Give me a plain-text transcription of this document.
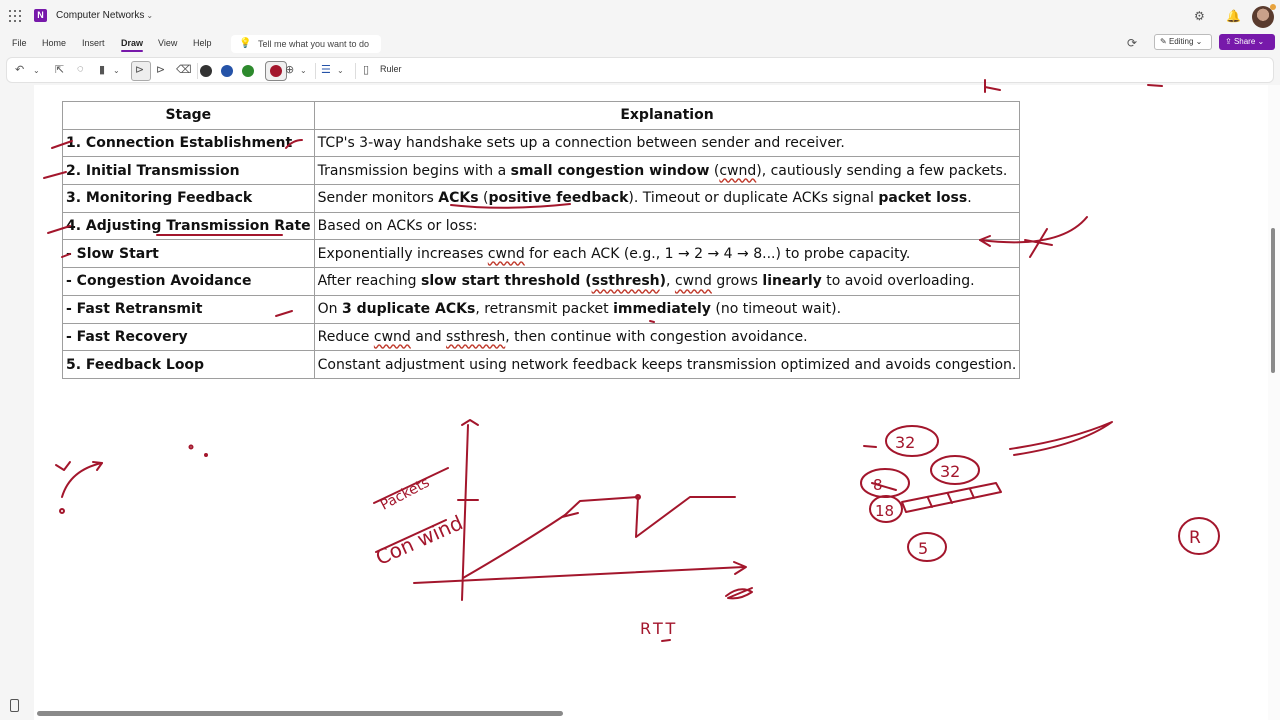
N	Computer Networks ⌄	⚙ 🔔
File Home Insert Draw View Help	💡 Tell me what you want to do	⟳	✎ Editing ⌄	⇪ Share ⌄
↶ ⌄ ⇱ ◌ ▮ ⌄ ⊳ ⊳ ⌫	⊕ ⌄ ☰ ⌄ ▯ Ruler
Stage	Explanation
1. Connection Establishment	TCP's 3-way handshake sets up a connection between sender and receiver.
2. Initial Transmission	Transmission begins with a small congestion window (cwnd), cautiously sending a few packets.
3. Monitoring Feedback	Sender monitors ACKs (positive feedback). Timeout or duplicate ACKs signal packet loss.
4. Adjusting Transmission Rate	Based on ACKs or loss:
- Slow Start	Exponentially increases cwnd for each ACK (e.g., 1 → 2 → 4 → 8...) to probe capacity.
- Congestion Avoidance	After reaching slow start threshold (ssthresh), cwnd grows linearly to avoid overloading.
- Fast Retransmit	On 3 duplicate ACKs, retransmit packet immediately (no timeout wait).
- Fast Recovery	Reduce cwnd and ssthresh, then continue with congestion avoidance.
5. Feedback Loop	Constant adjustment using network feedback keeps transmission optimized and avoids congestion.
Packets
Con wind
RTT
32
32
8
18
5
R
